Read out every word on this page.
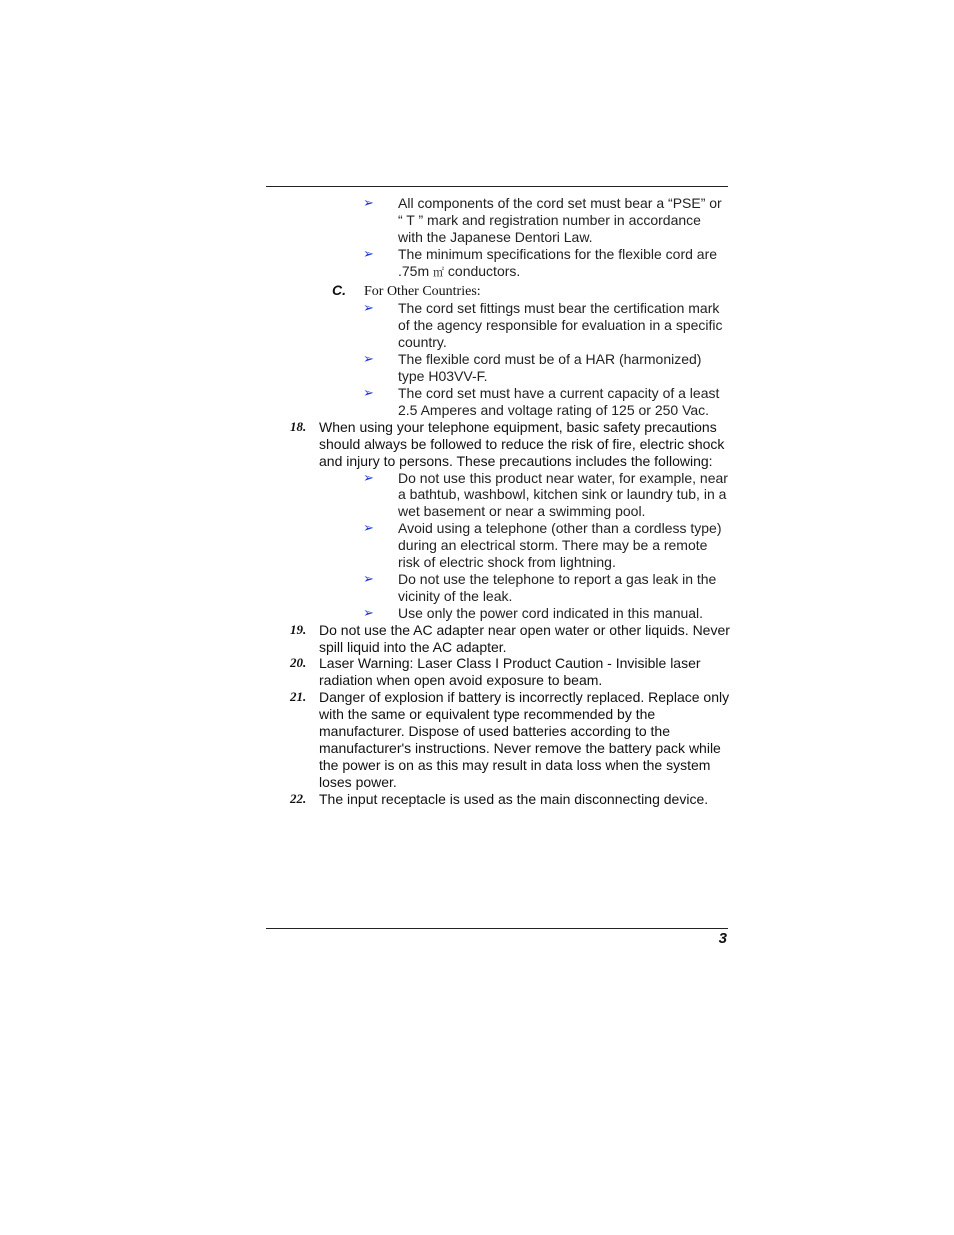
➢ All components of the cord set must bear a “PSE” or “ T ” mark and registration number in accordance with the Japanese Dentori Law.
➢ The minimum specifications for the flexible cord are .75m ㎡ conductors.
C. For Other Countries:
➢ The cord set fittings must bear the certification mark of the agency responsible for evaluation in a specific country.
➢ The flexible cord must be of a HAR (harmonized) type H03VV-F.
➢ The cord set must have a current capacity of a least 2.5 Amperes and voltage rating of 125 or 250 Vac.
18. When using your telephone equipment, basic safety precautions should always be followed to reduce the risk of fire, electric shock and injury to persons. These precautions includes the following:
➢ Do not use this product near water, for example, near a bathtub, washbowl, kitchen sink or laundry tub, in a wet basement or near a swimming pool.
➢ Avoid using a telephone (other than a cordless type) during an electrical storm. There may be a remote risk of electric shock from lightning.
➢ Do not use the telephone to report a gas leak in the vicinity of the leak.
➢ Use only the power cord indicated in this manual.
19. Do not use the AC adapter near open water or other liquids. Never spill liquid into the AC adapter.
20. Laser Warning: Laser Class I Product Caution - Invisible laser radiation when open avoid exposure to beam.
21. Danger of explosion if battery is incorrectly replaced. Replace only with the same or equivalent type recommended by the manufacturer. Dispose of used batteries according to the manufacturer's instructions. Never remove the battery pack while the power is on as this may result in data loss when the system loses power.
22. The input receptacle is used as the main disconnecting device.
3
